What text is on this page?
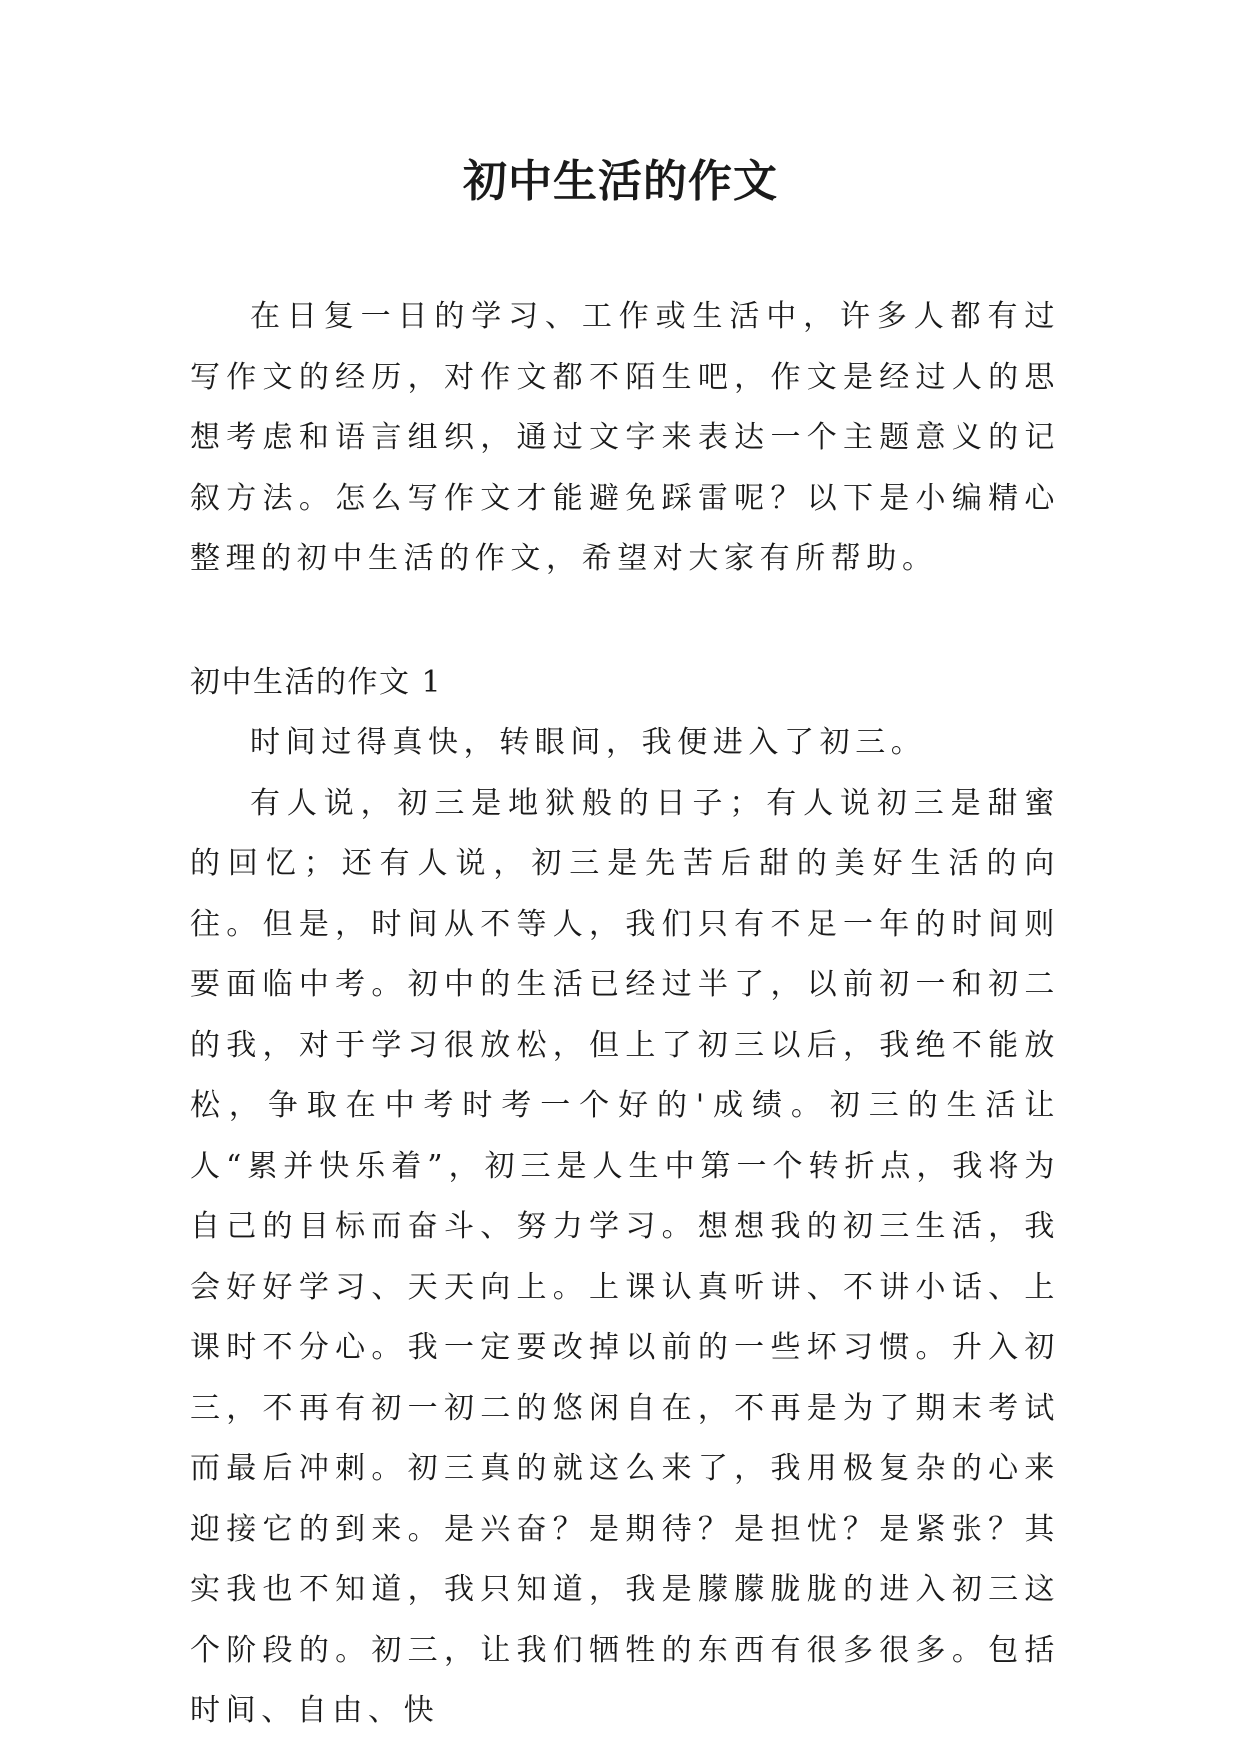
初中生活的作文

在日复一日的学习、工作或生活中，许多人都有过写作文的经历，对作文都不陌生吧，作文是经过人的思想考虑和语言组织，通过文字来表达一个主题意义的记叙方法。怎么写作文才能避免踩雷呢？以下是小编精心整理的初中生活的作文，希望对大家有所帮助。

初中生活的作文 1

时间过得真快，转眼间，我便进入了初三。

有人说，初三是地狱般的日子；有人说初三是甜蜜的回忆；还有人说，初三是先苦后甜的美好生活的向往。但是，时间从不等人，我们只有不足一年的时间则要面临中考。初中的生活已经过半了，以前初一和初二的我，对于学习很放松，但上了初三以后，我绝不能放松，争取在中考时考一个好的'成绩。初三的生活让人“累并快乐着”，初三是人生中第一个转折点，我将为自己的目标而奋斗、努力学习。想想我的初三生活，我会好好学习、天天向上。上课认真听讲、不讲小话、上课时不分心。我一定要改掉以前的一些坏习惯。升入初三，不再有初一初二的悠闲自在，不再是为了期末考试而最后冲刺。初三真的就这么来了，我用极复杂的心来迎接它的到来。是兴奋？是期待？是担忧？是紧张？其实我也不知道，我只知道，我是朦朦胧胧的进入初三这个阶段的。初三，让我们牺牲的东西有很多很多。包括时间、自由、快
